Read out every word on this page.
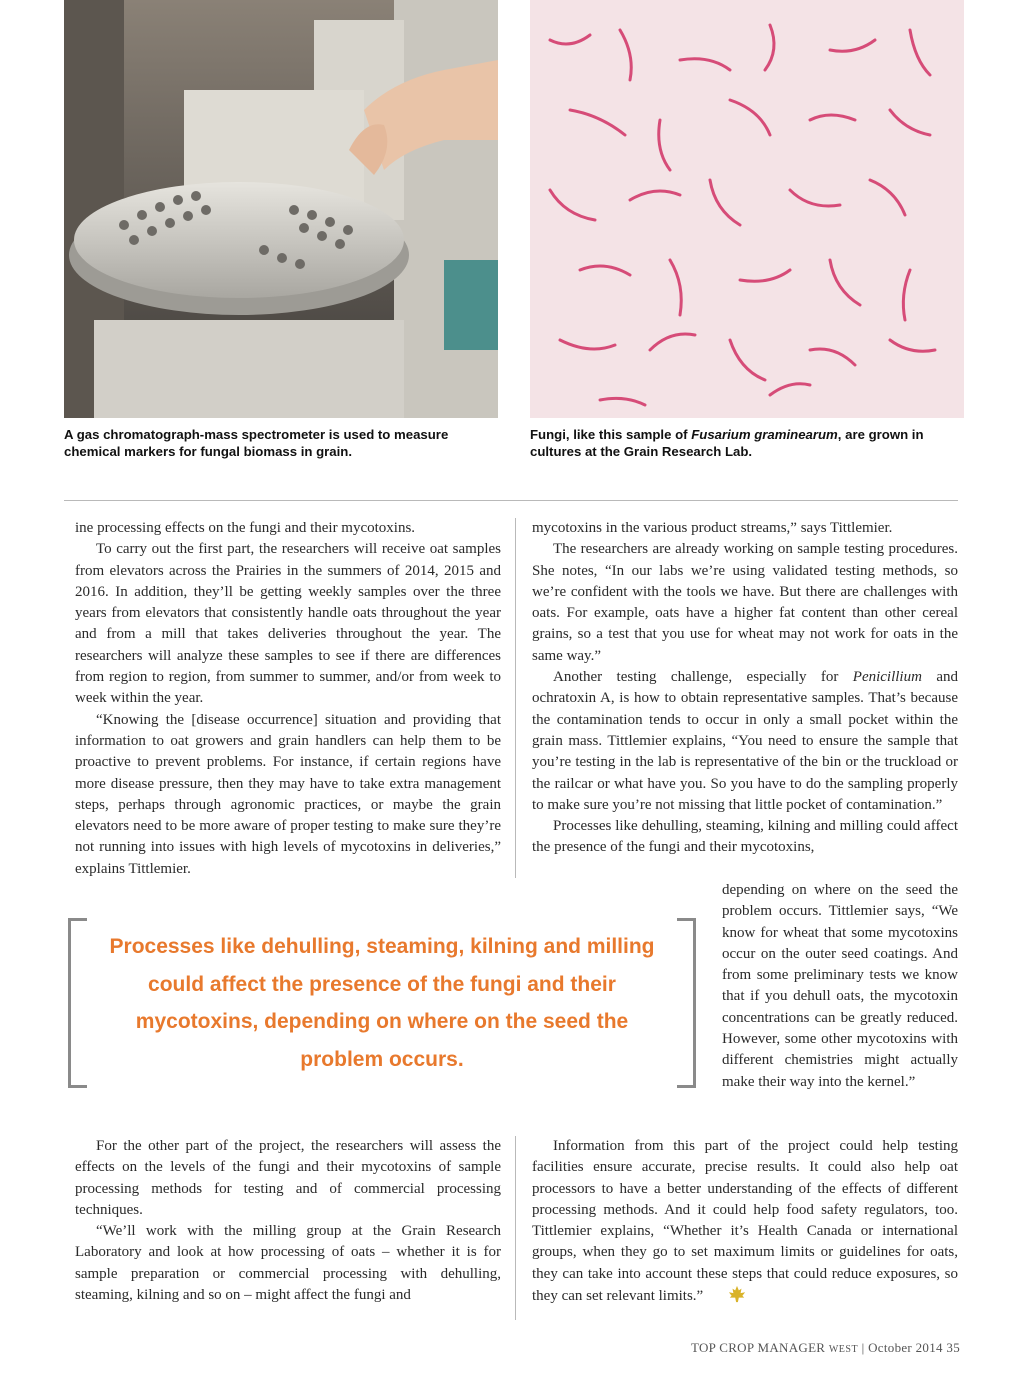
A gas chromatograph-mass spectrometer is used to measure chemical markers for fungal biomass in grain.
Fungi, like this sample of Fusarium graminearum, are grown in cultures at the Grain Research Lab.

ine processing effects on the fungi and their mycotoxins.

To carry out the first part, the researchers will receive oat samples from elevators across the Prairies in the summers of 2014, 2015 and 2016. In addition, they’ll be getting weekly samples over the three years from elevators that consistently handle oats throughout the year and from a mill that takes deliveries throughout the year. The researchers will analyze these samples to see if there are differences from region to region, from summer to summer, and/or from week to week within the year.

“Knowing the [disease occurrence] situation and providing that information to oat growers and grain handlers can help them to be proactive to prevent problems. For instance, if certain regions have more disease pressure, then they may have to take extra management steps, perhaps through agronomic practices, or maybe the grain elevators need to be more aware of proper testing to make sure they’re not running into issues with high levels of mycotoxins in deliveries,” explains Tittlemier.

mycotoxins in the various product streams,” says Tittlemier.

The researchers are already working on sample testing procedures. She notes, “In our labs we’re using validated testing methods, so we’re confident with the tools we have. But there are challenges with oats. For example, oats have a higher fat content than other cereal grains, so a test that you use for wheat may not work for oats in the same way.”

Another testing challenge, especially for Penicillium and ochratoxin A, is how to obtain representative samples. That’s because the contamination tends to occur in only a small pocket within the grain mass. Tittlemier explains, “You need to ensure the sample that you’re testing in the lab is representative of the bin or the truckload or the railcar or what have you. So you have to do the sampling properly to make sure you’re not missing that little pocket of contamination.”

Processes like dehulling, steaming, kilning and milling could affect the presence of the fungi and their mycotoxins,

depending on where on the seed the problem occurs. Tittlemier says, “We know for wheat that some mycotoxins occur on the outer seed coatings. And from some preliminary tests we know that if you dehull oats, the mycotoxin concentrations can be greatly reduced. However, some other mycotoxins with different chemistries might actually make their way into the kernel.”

Processes like dehulling, steaming, kilning and milling could affect the presence of the fungi and their mycotoxins, depending on where on the seed the problem occurs.

For the other part of the project, the researchers will assess the effects on the levels of the fungi and their mycotoxins of sample processing methods for testing and of commercial processing techniques.

“We’ll work with the milling group at the Grain Research Laboratory and look at how processing of oats – whether it is for sample preparation or commercial processing with dehulling, steaming, kilning and so on – might affect the fungi and

Information from this part of the project could help testing facilities ensure accurate, precise results. It could also help oat processors to have a better understanding of the effects of different processing methods. And it could help food safety regulators, too. Tittlemier explains, “Whether it’s Health Canada or international groups, when they go to set maximum limits or guidelines for oats, they can take into account these steps that could reduce exposures, so they can set relevant limits.”

TOP CROP MANAGER WEST | October 2014 35
